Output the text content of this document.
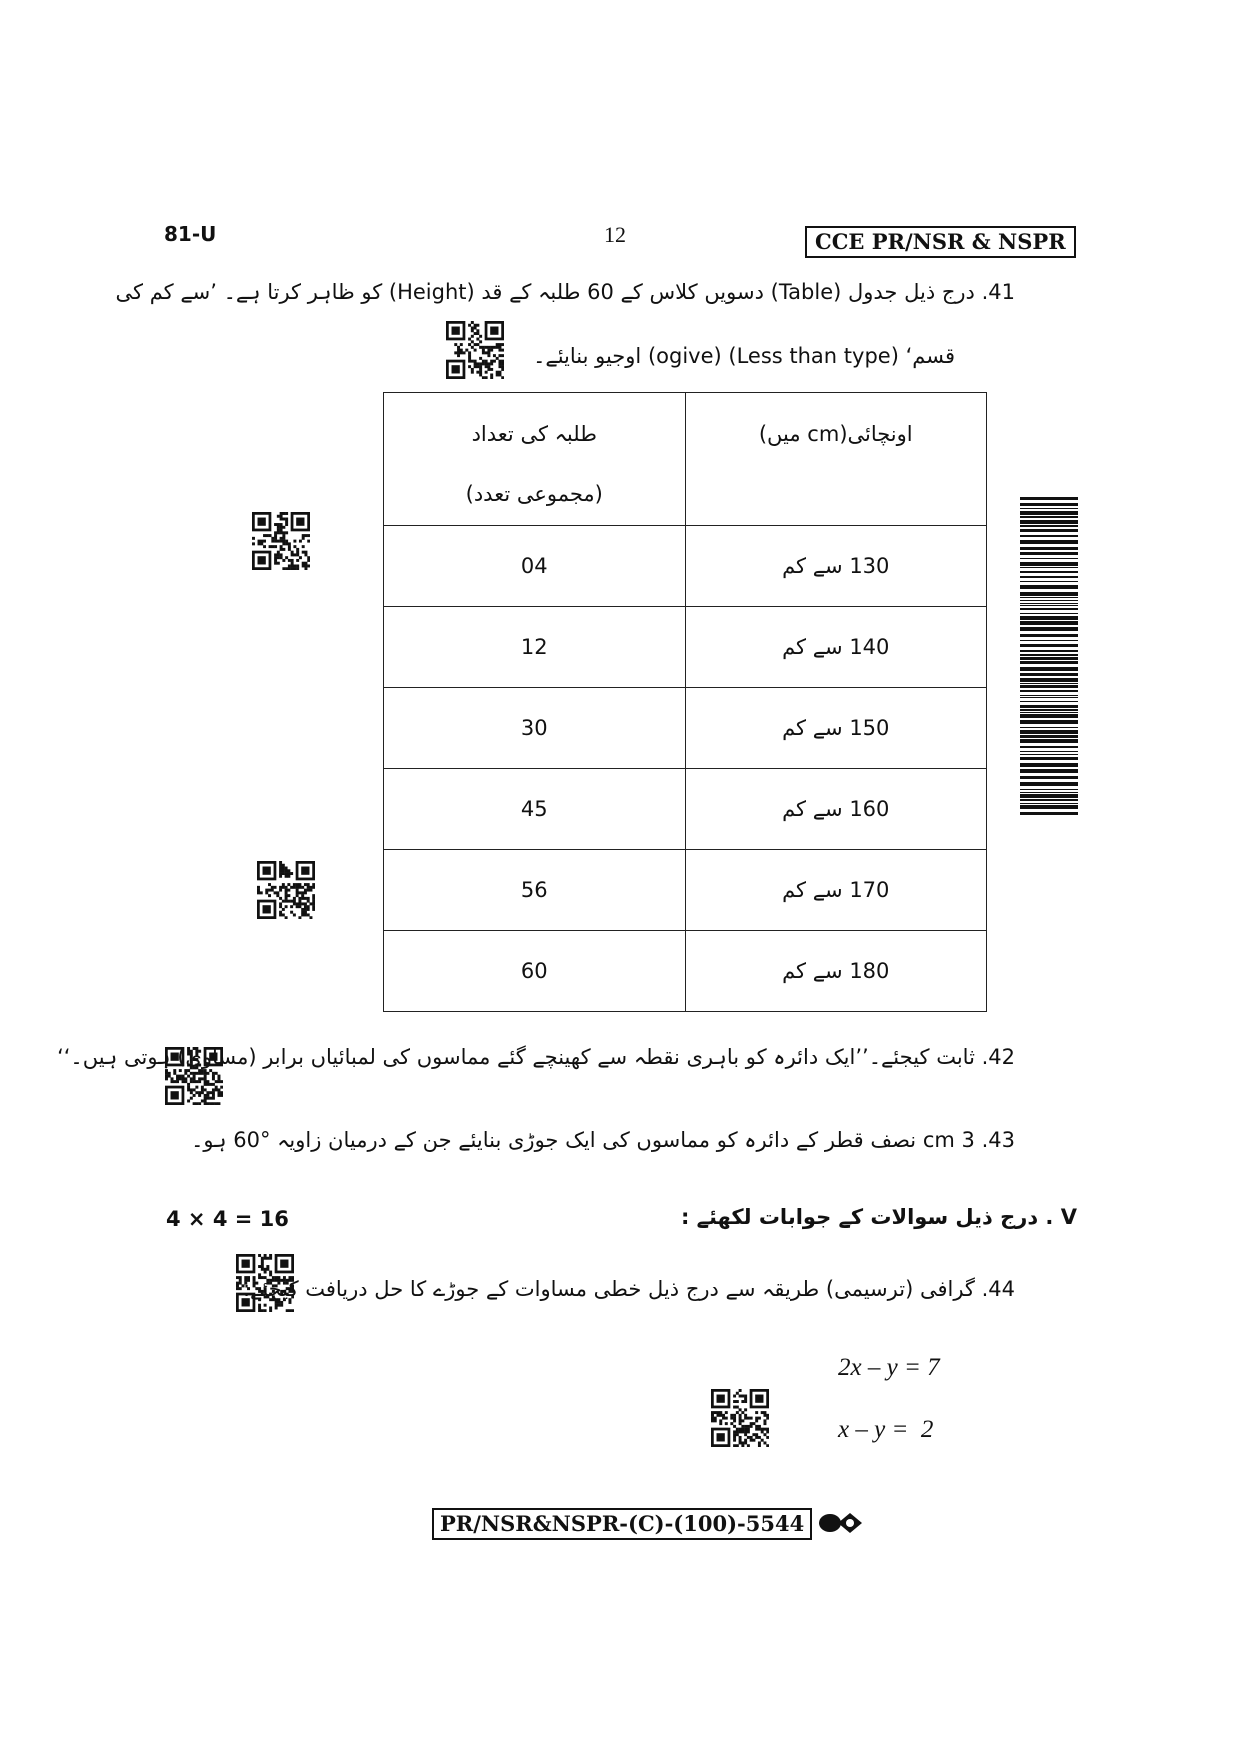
81-U	12	CCE PR/NSR & NSPR
41. درج ذیل جدول (Table) دسویں کلاس کے 60 طلبہ کے قد (Height) کو ظاہر کرتا ہے۔ ’سے کم کی
قسم‘ (Less than type) (ogive) اوجیو بنایئے۔
طلبہ کی تعداد
(مجموعی تعدد)	اونچائی(cm میں)

04	130 سے کم
12	140 سے کم
30	150 سے کم
45	160 سے کم
56	170 سے کم
60	180 سے کم
42. ثابت کیجئے۔’’ایک دائرہ کو باہری نقطہ سے کھینچے گئے مماسوں کی لمبائیاں برابر (مساوی) ہوتی ہیں۔‘‘
43. 3 cm نصف قطر کے دائرہ کو مماسوں کی ایک جوڑی بنایئے جن کے درمیان زاویہ °60 ہو۔
4 × 4 = 16	V . درج ذیل سوالات کے جوابات لکھئے :
44. گرافی (ترسیمی) طریقہ سے درج ذیل خطی مساوات کے جوڑے کا حل دریافت کیجئے:
2x – y = 7
x – y =  2
PR/NSR&NSPR-(C)-(100)-5544
